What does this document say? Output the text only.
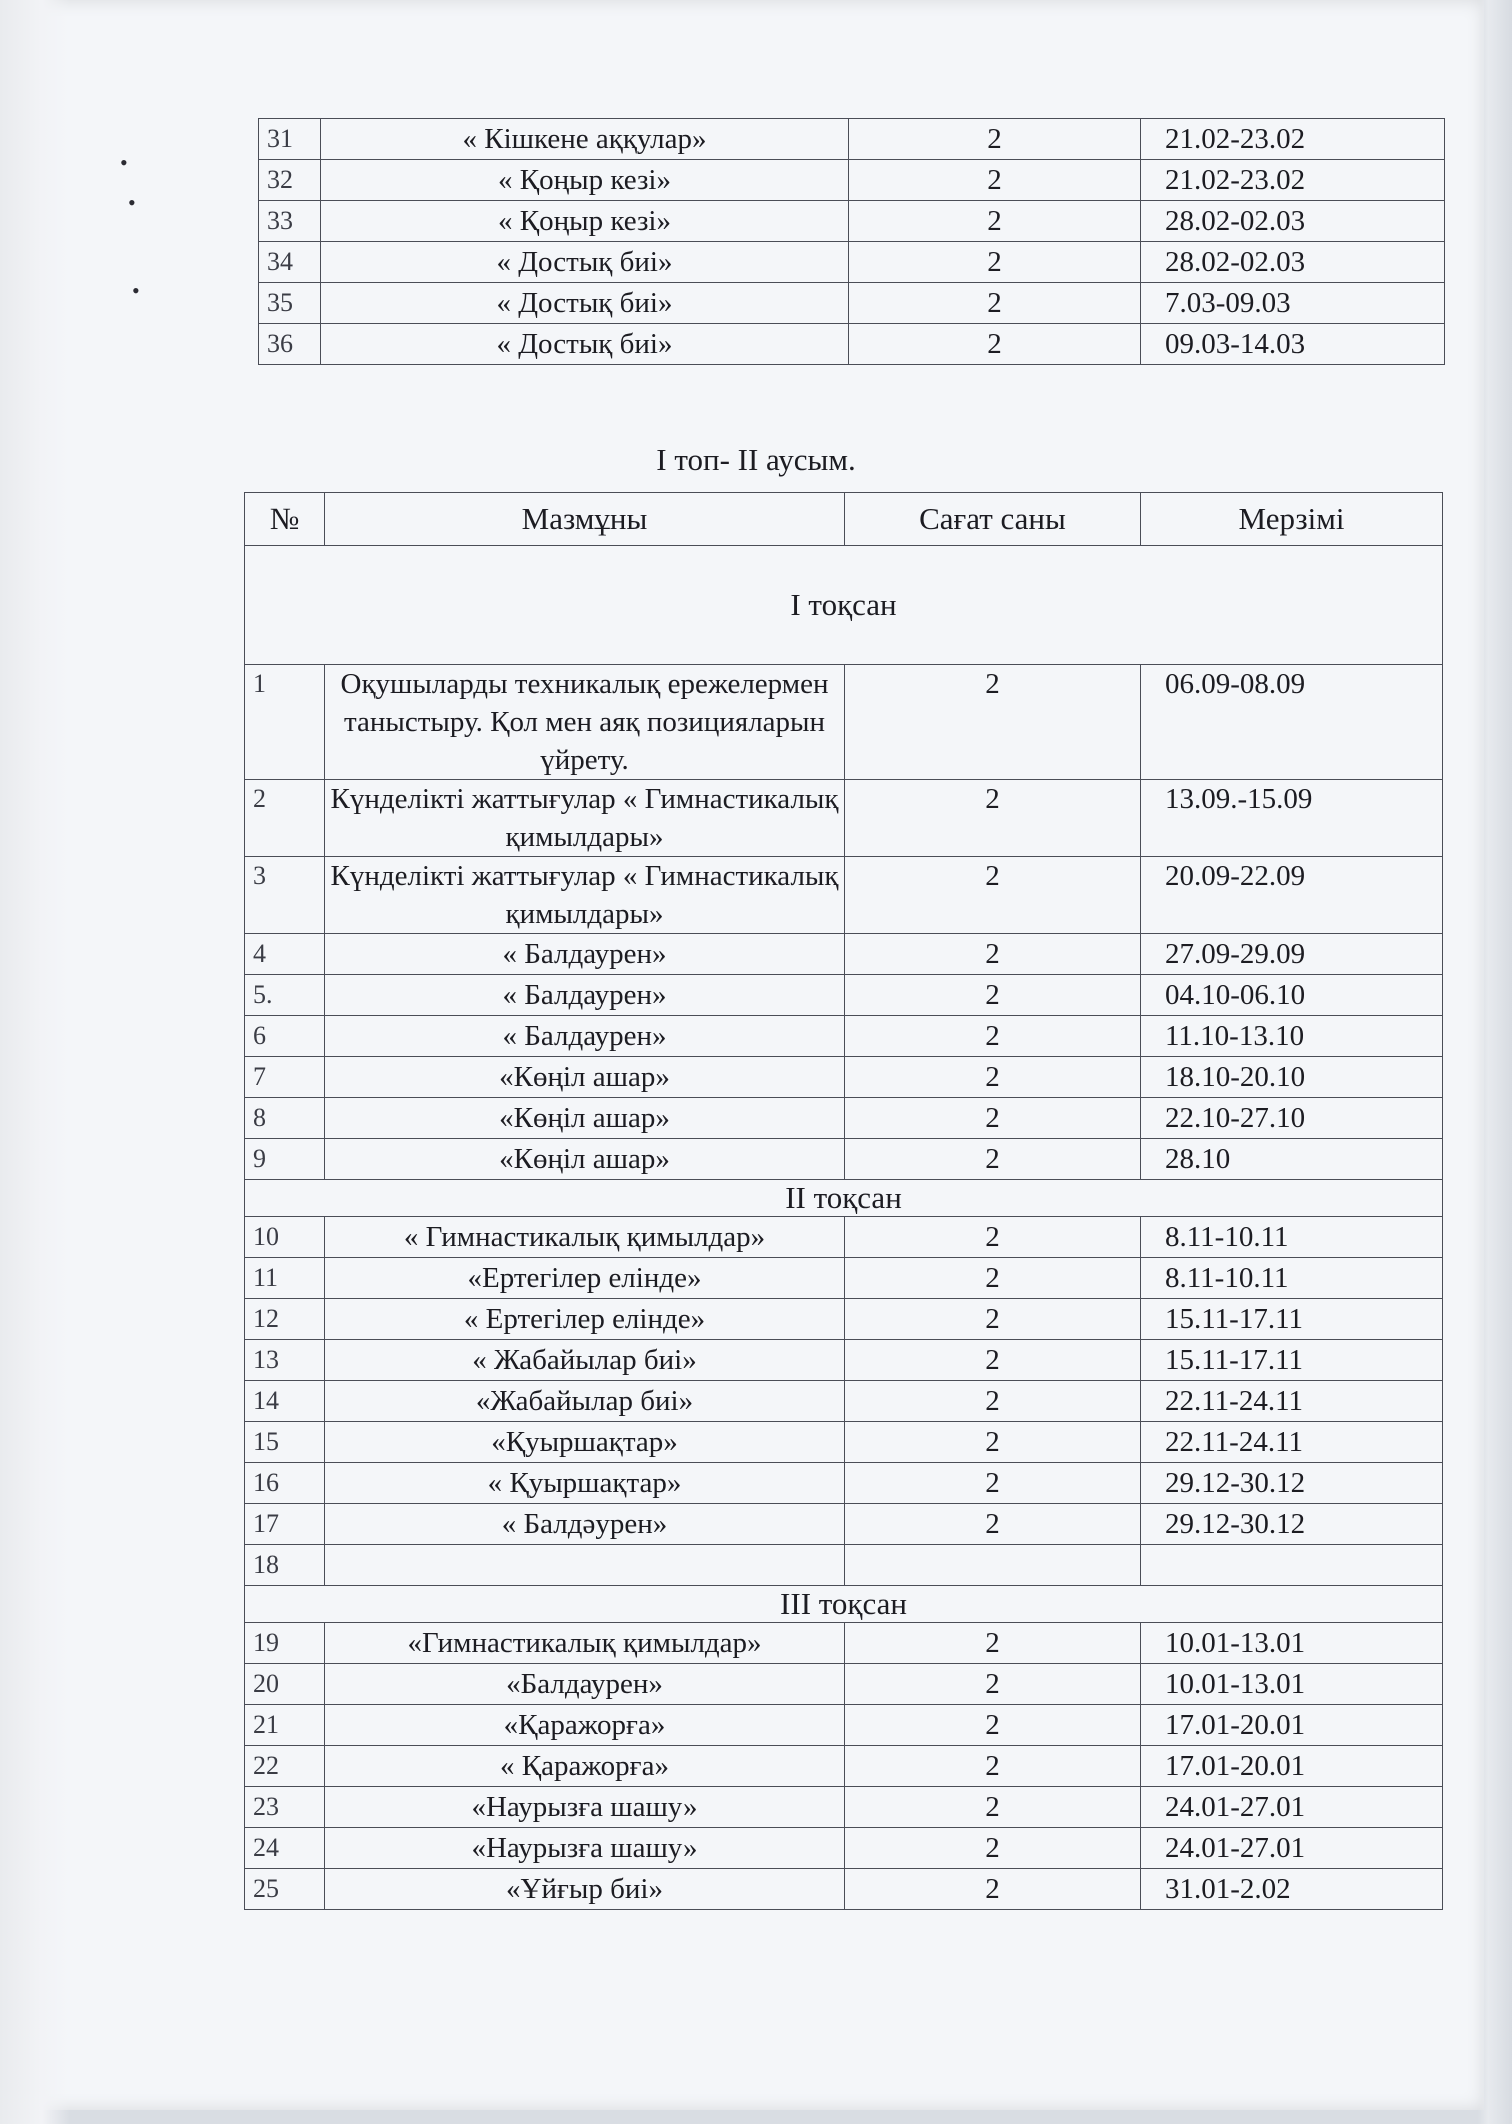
•
•
•
31	« Кішкене аққулар»	2	21.02-23.02
32	« Қоңыр кезі»	2	21.02-23.02
33	« Қоңыр кезі»	2	28.02-02.03
34	« Достық биі»	2	28.02-02.03
35	« Достық биі»	2	7.03-09.03
36	« Достық биі»	2	09.03-14.03
I топ- II аусым.
№	Мазмұны	Сағат саны	Мерзімі
I тоқсан			
1	Оқушыларды техникалық ережелермен таныстыру. Қол мен аяқ позицияларын үйрету.	2	06.09-08.09
2	Күнделікті жаттығулар « Гимнастикалық қимылдары»	2	13.09.-15.09
3	Күнделікті жаттығулар « Гимнастикалық қимылдары»	2	20.09-22.09
4	« Балдаурен»	2	27.09-29.09
5.	« Балдаурен»	2	04.10-06.10
6	« Балдаурен»	2	11.10-13.10
7	«Көңіл ашар»	2	18.10-20.10
8	«Көңіл ашар»	2	22.10-27.10
9	«Көңіл ашар»	2	28.10
II тоқсан			
10	« Гимнастикалық қимылдар»	2	8.11-10.11
11	«Ертегілер елінде»	2	8.11-10.11
12	« Ертегілер елінде»	2	15.11-17.11
13	« Жабайылар биі»	2	15.11-17.11
14	«Жабайылар биі»	2	22.11-24.11
15	«Қуыршақтар»	2	22.11-24.11
16	« Қуыршақтар»	2	29.12-30.12
17	« Балдәурен»	2	29.12-30.12
18			
III тоқсан			
19	«Гимнастикалық қимылдар»	2	10.01-13.01
20	«Балдаурен»	2	10.01-13.01
21	«Қаражорға»	2	17.01-20.01
22	« Қаражорға»	2	17.01-20.01
23	«Наурызға шашу»	2	24.01-27.01
24	«Наурызға шашу»	2	24.01-27.01
25	«Ұйғыр биі»	2	31.01-2.02
